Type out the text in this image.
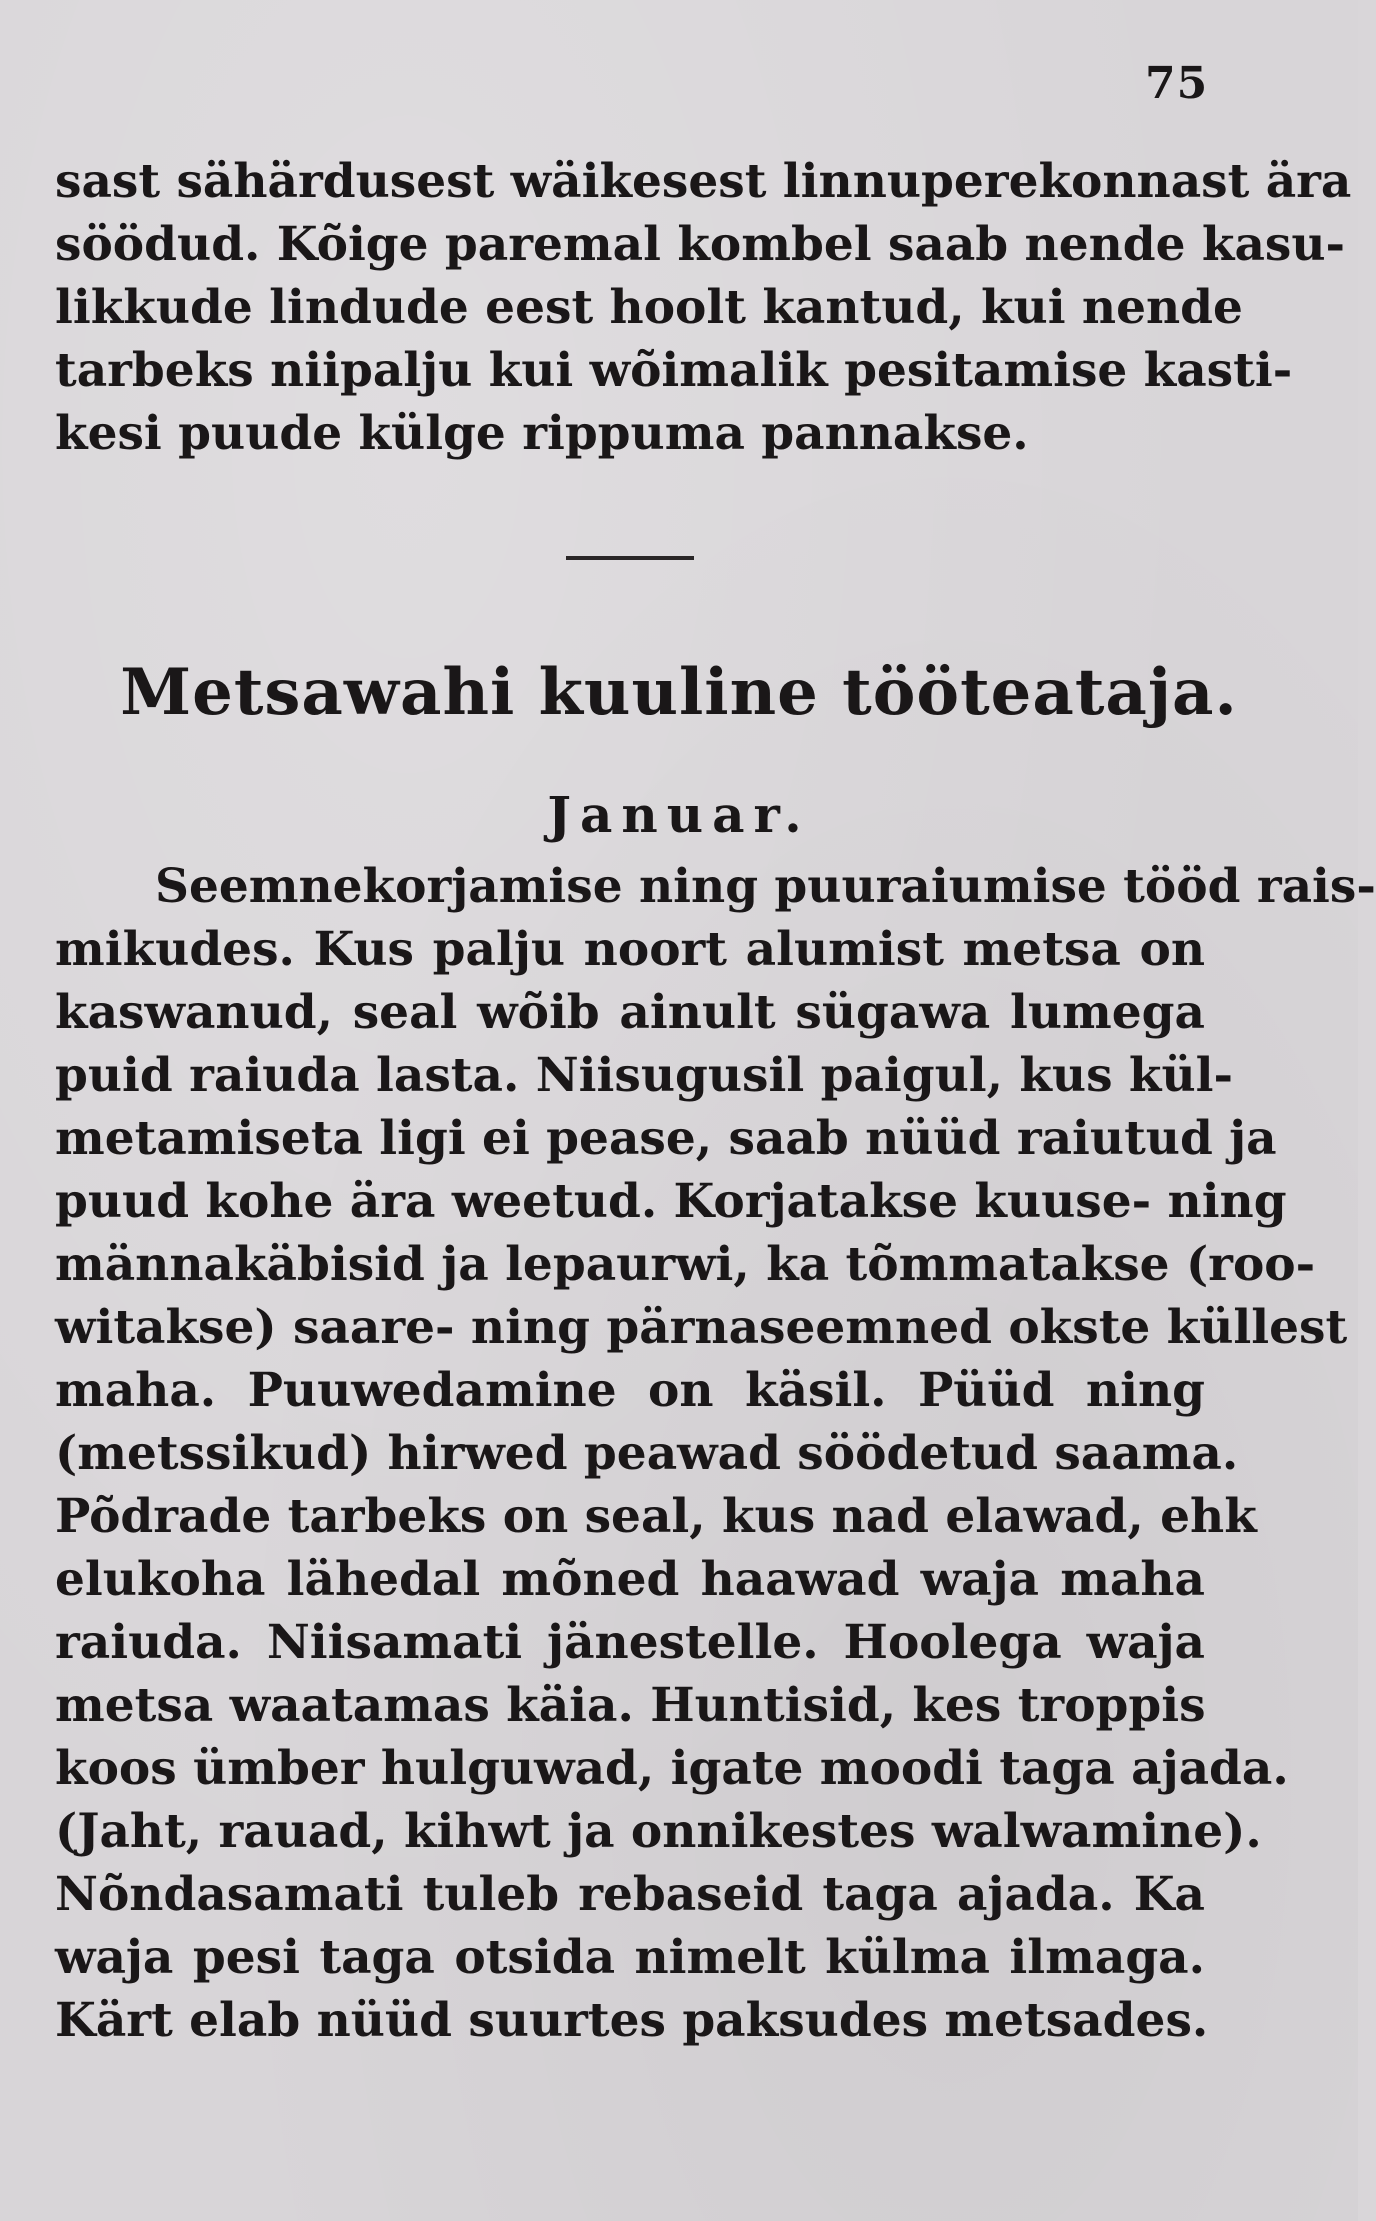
75
sast sähärdusest wäikesest linnuperekonnast ära
söödud. Kõige paremal kombel saab nende kasu-
likkude lindude eest hoolt kantud, kui nende
tarbeks niipalju kui wõimalik pesitamise kasti-
kesi puude külge rippuma pannakse.
Metsawahi kuuline tööteataja.
Januar.
Seemnekorjamise ning puuraiumise tööd rais-
mikudes. Kus palju noort alumist metsa on
kaswanud, seal wõib ainult sügawa lumega
puid raiuda lasta. Niisugusil paigul, kus kül-
metamiseta ligi ei pease, saab nüüd raiutud ja
puud kohe ära weetud. Korjatakse kuuse- ning
männakäbisid ja lepaurwi, ka tõmmatakse (roo-
witakse) saare- ning pärnaseemned okste küllest
maha. Puuwedamine on käsil. Püüd ning
(metssikud) hirwed peawad söödetud saama.
Põdrade tarbeks on seal, kus nad elawad, ehk
elukoha lähedal mõned haawad waja maha
raiuda. Niisamati jänestelle. Hoolega waja
metsa waatamas käia. Huntisid, kes troppis
koos ümber hulguwad, igate moodi taga ajada.
(Jaht, rauad, kihwt ja onnikestes walwamine).
Nõndasamati tuleb rebaseid taga ajada. Ka
waja pesi taga otsida nimelt külma ilmaga.
Kärt elab nüüd suurtes paksudes metsades.
